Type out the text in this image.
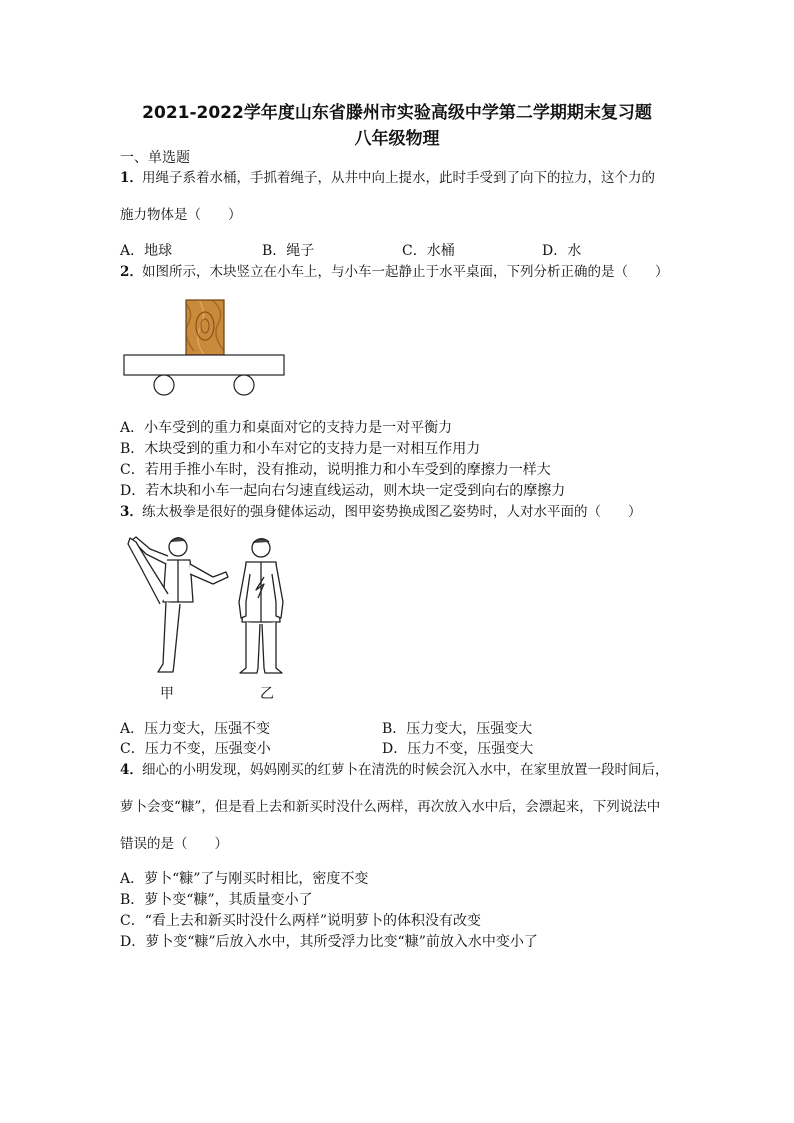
2021-2022学年度山东省滕州市实验高级中学第二学期期末复习题
八年级物理
一、单选题
1． 用绳子系着水桶，手抓着绳子，从井中向上提水，此时手受到了向下的拉力，这个力的
施力物体是（　　）
A．地球	B．绳子	C．水桶	D．水
2． 如图所示，木块竖立在小车上，与小车一起静止于水平桌面，下列分析正确的是（　　）
A．小车受到的重力和桌面对它的支持力是一对平衡力
B．木块受到的重力和小车对它的支持力是一对相互作用力
C．若用手推小车时，没有推动，说明推力和小车受到的摩擦力一样大
D．若木块和小车一起向右匀速直线运动，则木块一定受到向右的摩擦力
3． 练太极拳是很好的强身健体运动，图甲姿势换成图乙姿势时，人对水平面的（　　）
甲	乙
A．压力变大，压强不变	B．压力变大，压强变大
C．压力不变，压强变小	D．压力不变，压强变大
4． 细心的小明发现，妈妈刚买的红萝卜在清洗的时候会沉入水中，在家里放置一段时间后，
萝卜会变“糠”，但是看上去和新买时没什么两样，再次放入水中后，会漂起来，下列说法中
错误的是（　　）
A．萝卜“糠”了与刚买时相比，密度不变
B．萝卜变“糠”，其质量变小了
C．“看上去和新买时没什么两样”说明萝卜的体积没有改变
D．萝卜变“糠”后放入水中，其所受浮力比变“糠”前放入水中变小了
